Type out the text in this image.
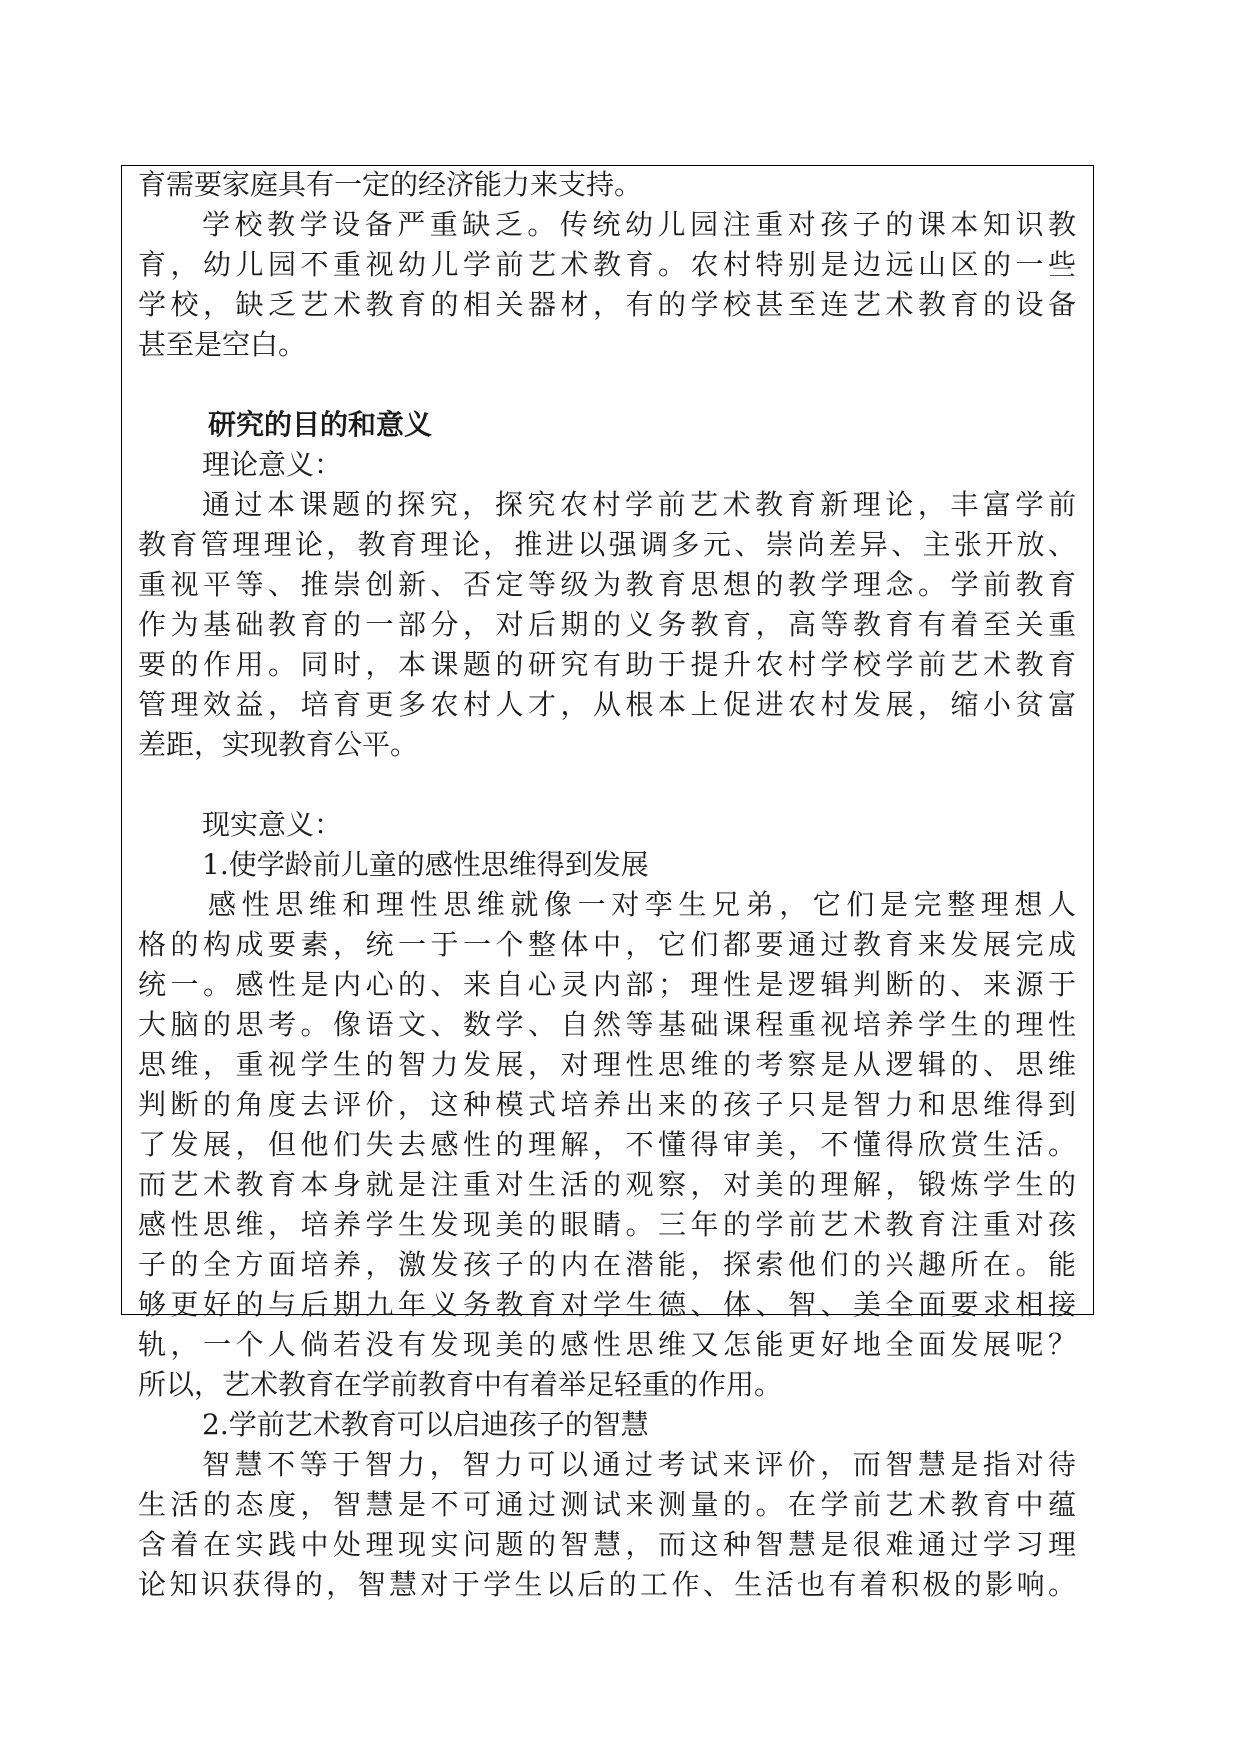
育需要家庭具有一定的经济能力来支持。
学校教学设备严重缺乏。传统幼儿园注重对孩子的课本知识教
育，幼儿园不重视幼儿学前艺术教育。农村特别是边远山区的一些
学校，缺乏艺术教育的相关器材，有的学校甚至连艺术教育的设备
甚至是空白。
研究的目的和意义
理论意义：
通过本课题的探究，探究农村学前艺术教育新理论，丰富学前
教育管理理论，教育理论，推进以强调多元、崇尚差异、主张开放、
重视平等、推崇创新、否定等级为教育思想的教学理念。学前教育
作为基础教育的一部分，对后期的义务教育，高等教育有着至关重
要的作用。同时，本课题的研究有助于提升农村学校学前艺术教育
管理效益，培育更多农村人才，从根本上促进农村发展，缩小贫富
差距，实现教育公平。
现实意义：
1.使学龄前儿童的感性思维得到发展
感性思维和理性思维就像一对孪生兄弟，它们是完整理想人
格的构成要素，统一于一个整体中，它们都要通过教育来发展完成
统一。感性是内心的、来自心灵内部；理性是逻辑判断的、来源于
大脑的思考。像语文、数学、自然等基础课程重视培养学生的理性
思维，重视学生的智力发展，对理性思维的考察是从逻辑的、思维
判断的角度去评价，这种模式培养出来的孩子只是智力和思维得到
了发展，但他们失去感性的理解，不懂得审美，不懂得欣赏生活。
而艺术教育本身就是注重对生活的观察，对美的理解，锻炼学生的
感性思维，培养学生发现美的眼睛。三年的学前艺术教育注重对孩
子的全方面培养，激发孩子的内在潜能，探索他们的兴趣所在。能
够更好的与后期九年义务教育对学生德、体、智、美全面要求相接
轨，一个人倘若没有发现美的感性思维又怎能更好地全面发展呢？
所以，艺术教育在学前教育中有着举足轻重的作用。
2.学前艺术教育可以启迪孩子的智慧
智慧不等于智力，智力可以通过考试来评价，而智慧是指对待
生活的态度，智慧是不可通过测试来测量的。在学前艺术教育中蕴
含着在实践中处理现实问题的智慧，而这种智慧是很难通过学习理
论知识获得的，智慧对于学生以后的工作、生活也有着积极的影响。
